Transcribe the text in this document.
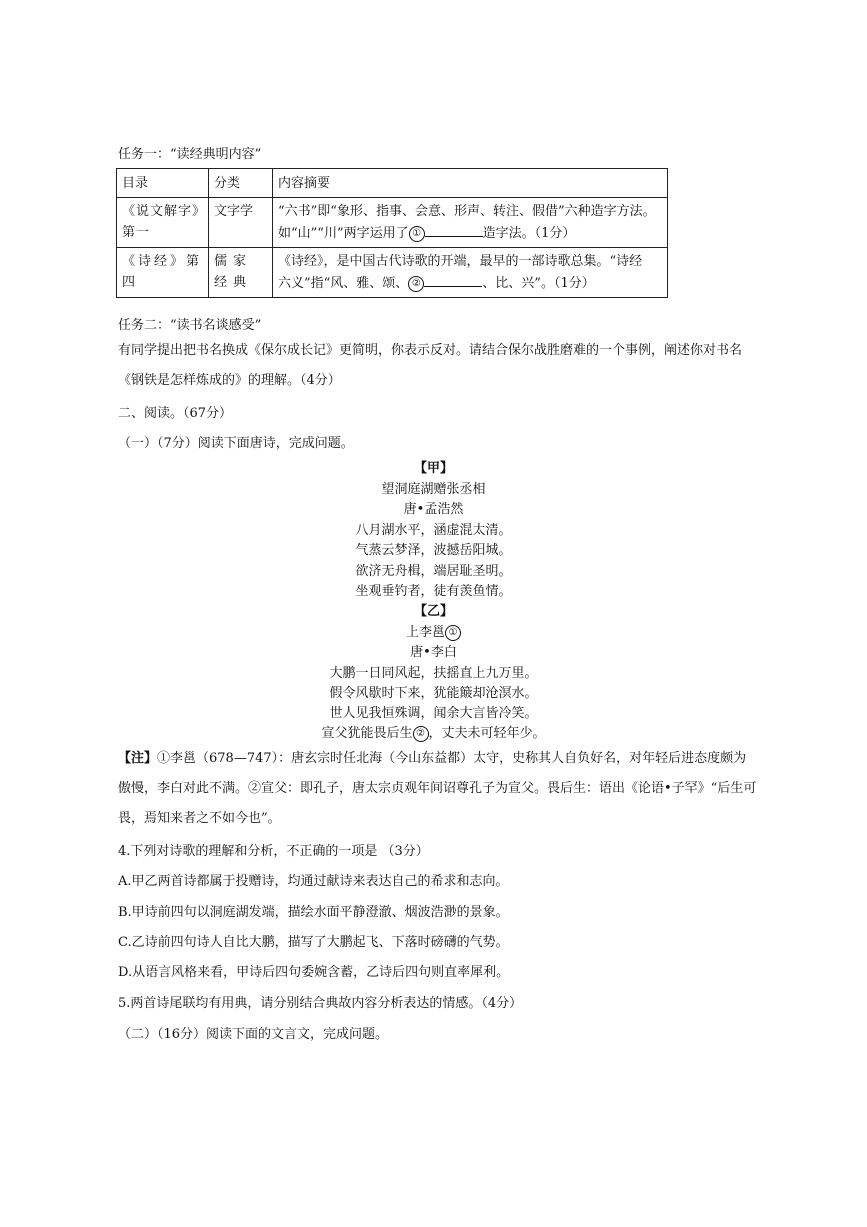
任务一：“读经典明内容”
目录	分类	内容摘要
《说文解字》第一	文字学	“六书”即“象形、指事、会意、形声、转注、假借”六种造字方法。
如“山”“川”两字运用了 ① 造字法。（1分）

《诗经》第四	儒家经典	《诗经》，是中国古代诗歌的开端，最早的一部诗歌总集。“诗经
六义”指“风、雅、颂、 ② 、比、兴”。（1分）
任务二：“读书名谈感受”
有同学提出把书名换成《保尔成长记》更简明，你表示反对。请结合保尔战胜磨难的一个事例，阐述你对书名《钢铁是怎样炼成的》的理解。（4分）
二、阅读。（67分）
（一）（7分）阅读下面唐诗，完成问题。
【甲】
望洞庭湖赠张丞相
唐•孟浩然
八月湖水平，涵虚混太清。
气蒸云梦泽，波撼岳阳城。
欲济无舟楫，端居耻圣明。
坐观垂钓者，徒有羡鱼情。
【乙】
上李邕 ①
唐•李白
大鹏一日同风起，扶摇直上九万里。
假令风歇时下来，犹能簸却沧溟水。
世人见我恒殊调，闻余大言皆冷笑。
宣父犹能畏后生 ② ，丈夫未可轻年少。
【注】①李邕（678—747）：唐玄宗时任北海（今山东益都）太守，史称其人自负好名，对年轻后进态度颇为傲慢，李白对此不满。②宣父：即孔子，唐太宗贞观年间诏尊孔子为宣父。畏后生：语出《论语•子罕》“后生可畏，焉知来者之不如今也”。
4.下列对诗歌的理解和分析，不正确的一项是 （3分）
A.甲乙两首诗都属于投赠诗，均通过献诗来表达自己的希求和志向。
B.甲诗前四句以洞庭湖发端，描绘水面平静澄澈、烟波浩渺的景象。
C.乙诗前四句诗人自比大鹏，描写了大鹏起飞、下落时磅礴的气势。
D.从语言风格来看，甲诗后四句委婉含蓄，乙诗后四句则直率犀利。
5.两首诗尾联均有用典，请分别结合典故内容分析表达的情感。（4分）
（二）（16分）阅读下面的文言文，完成问题。
